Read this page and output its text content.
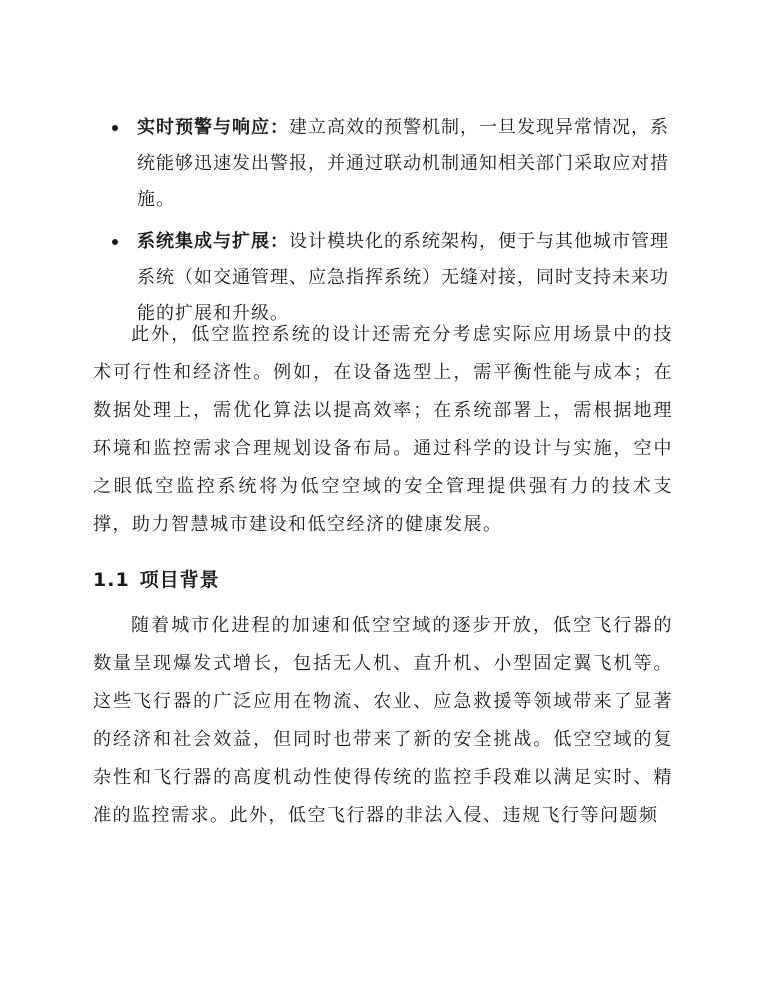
实时预警与响应：建立高效的预警机制，一旦发现异常情况，系统能够迅速发出警报，并通过联动机制通知相关部门采取应对措施。
系统集成与扩展：设计模块化的系统架构，便于与其他城市管理系统（如交通管理、应急指挥系统）无缝对接，同时支持未来功能的扩展和升级。

此外，低空监控系统的设计还需充分考虑实际应用场景中的技术可行性和经济性。例如，在设备选型上，需平衡性能与成本；在数据处理上，需优化算法以提高效率；在系统部署上，需根据地理环境和监控需求合理规划设备布局。通过科学的设计与实施，空中之眼低空监控系统将为低空空域的安全管理提供强有力的技术支撑，助力智慧城市建设和低空经济的健康发展。

1.1 项目背景

随着城市化进程的加速和低空空域的逐步开放，低空飞行器的数量呈现爆发式增长，包括无人机、直升机、小型固定翼飞机等。这些飞行器的广泛应用在物流、农业、应急救援等领域带来了显著的经济和社会效益，但同时也带来了新的安全挑战。低空空域的复杂性和飞行器的高度机动性使得传统的监控手段难以满足实时、精准的监控需求。此外，低空飞行器的非法入侵、违规飞行等问题频
